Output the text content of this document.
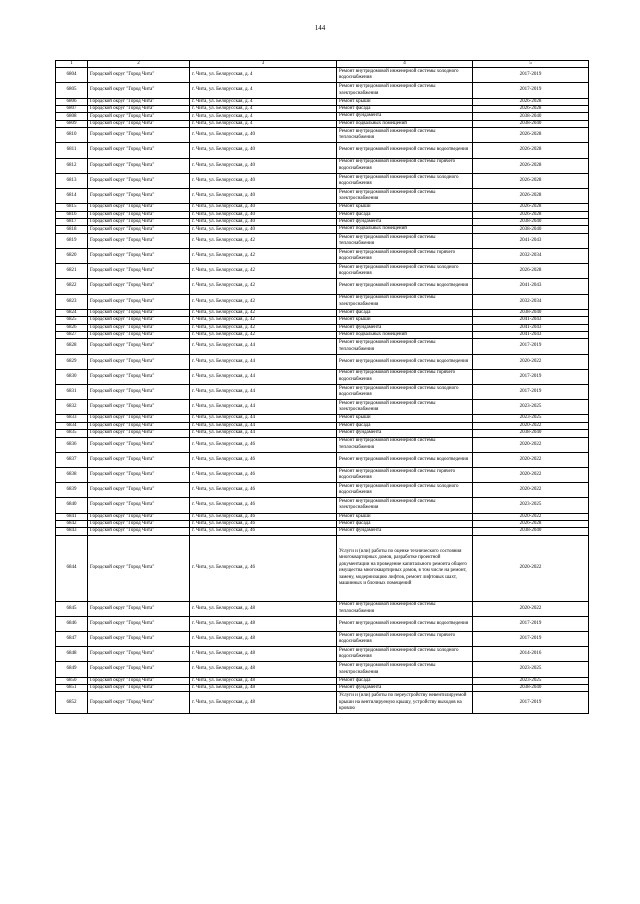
144
1	2	3	4	5
6804	Городской округ "Город Чита"	г. Чита, ул. Белорусская, д. 4	Ремонт внутридомовой инженерной системы холодного водоснабжения	2017-2019
6805	Городской округ "Город Чита"	г. Чита, ул. Белорусская, д. 4	Ремонт внутридомовой инженерной системы электроснабжения	2017-2019
6806	Городской округ "Город Чита"	г. Чита, ул. Белорусская, д. 4	Ремонт крыши	2026-2028
6807	Городской округ "Город Чита"	г. Чита, ул. Белорусская, д. 4	Ремонт фасада	2026-2028
6808	Городской округ "Город Чита"	г. Чита, ул. Белорусская, д. 4	Ремонт фундамента	2038-2040
6809	Городской округ "Город Чита"	г. Чита, ул. Белорусская, д. 4	Ремонт подвальных помещений	2038-2040
6810	Городской округ "Город Чита"	г. Чита, ул. Белорусская, д. 40	Ремонт внутридомовой инженерной системы теплоснабжения	2026-2028
6811	Городской округ "Город Чита"	г. Чита, ул. Белорусская, д. 40	Ремонт внутридомовой инженерной системы водоотведения	2026-2028
6812	Городской округ "Город Чита"	г. Чита, ул. Белорусская, д. 40	Ремонт внутридомовой инженерной системы горячего водоснабжения	2026-2028
6813	Городской округ "Город Чита"	г. Чита, ул. Белорусская, д. 40	Ремонт внутридомовой инженерной системы холодного водоснабжения	2026-2028
6814	Городской округ "Город Чита"	г. Чита, ул. Белорусская, д. 40	Ремонт внутридомовой инженерной системы электроснабжения	2026-2028
6815	Городской округ "Город Чита"	г. Чита, ул. Белорусская, д. 40	Ремонт крыши	2026-2028
6816	Городской округ "Город Чита"	г. Чита, ул. Белорусская, д. 40	Ремонт фасада	2026-2028
6817	Городской округ "Город Чита"	г. Чита, ул. Белорусская, д. 40	Ремонт фундамента	2038-2040
6818	Городской округ "Город Чита"	г. Чита, ул. Белорусская, д. 40	Ремонт подвальных помещений	2038-2040
6819	Городской округ "Город Чита"	г. Чита, ул. Белорусская, д. 42	Ремонт внутридомовой инженерной системы теплоснабжения	2041-2043
6820	Городской округ "Город Чита"	г. Чита, ул. Белорусская, д. 42	Ремонт внутридомовой инженерной системы горячего водоснабжения	2032-2034
6821	Городской округ "Город Чита"	г. Чита, ул. Белорусская, д. 42	Ремонт внутридомовой инженерной системы холодного водоснабжения	2026-2028
6822	Городской округ "Город Чита"	г. Чита, ул. Белорусская, д. 42	Ремонт внутридомовой инженерной системы водоотведения	2041-2043
6823	Городской округ "Город Чита"	г. Чита, ул. Белорусская, д. 42	Ремонт внутридомовой инженерной системы электроснабжения	2032-2034
6824	Городской округ "Город Чита"	г. Чита, ул. Белорусская, д. 42	Ремонт фасада	2038-2040
6825	Городской округ "Город Чита"	г. Чита, ул. Белорусская, д. 42	Ремонт крыши	2041-2043
6826	Городской округ "Город Чита"	г. Чита, ул. Белорусская, д. 42	Ремонт фундамента	2041-2043
6827	Городской округ "Город Чита"	г. Чита, ул. Белорусская, д. 42	Ремонт подвальных помещений	2041-2043
6828	Городской округ "Город Чита"	г. Чита, ул. Белорусская, д. 44	Ремонт внутридомовой инженерной системы теплоснабжения	2017-2019
6829	Городской округ "Город Чита"	г. Чита, ул. Белорусская, д. 44	Ремонт внутридомовой инженерной системы водоотведения	2020-2022
6830	Городской округ "Город Чита"	г. Чита, ул. Белорусская, д. 44	Ремонт внутридомовой инженерной системы горячего водоснабжения	2017-2019
6831	Городской округ "Город Чита"	г. Чита, ул. Белорусская, д. 44	Ремонт внутридомовой инженерной системы холодного водоснабжения	2017-2019
6832	Городской округ "Город Чита"	г. Чита, ул. Белорусская, д. 44	Ремонт внутридомовой инженерной системы электроснабжения	2023-2025
6833	Городской округ "Город Чита"	г. Чита, ул. Белорусская, д. 44	Ремонт крыши	2023-2025
6834	Городской округ "Город Чита"	г. Чита, ул. Белорусская, д. 44	Ремонт фасада	2020-2022
6835	Городской округ "Город Чита"	г. Чита, ул. Белорусская, д. 44	Ремонт фундамента	2038-2040
6836	Городской округ "Город Чита"	г. Чита, ул. Белорусская, д. 46	Ремонт внутридомовой инженерной системы теплоснабжения	2020-2022
6837	Городской округ "Город Чита"	г. Чита, ул. Белорусская, д. 46	Ремонт внутридомовой инженерной системы водоотведения	2020-2022
6838	Городской округ "Город Чита"	г. Чита, ул. Белорусская, д. 46	Ремонт внутридомовой инженерной системы горячего водоснабжения	2020-2022
6839	Городской округ "Город Чита"	г. Чита, ул. Белорусская, д. 46	Ремонт внутридомовой инженерной системы холодного водоснабжения	2020-2022
6840	Городской округ "Город Чита"	г. Чита, ул. Белорусская, д. 46	Ремонт внутридомовой инженерной системы электроснабжения	2023-2025
6841	Городской округ "Город Чита"	г. Чита, ул. Белорусская, д. 46	Ремонт крыши	2020-2022
6842	Городской округ "Город Чита"	г. Чита, ул. Белорусская, д. 46	Ремонт фасада	2026-2028
6843	Городской округ "Город Чита"	г. Чита, ул. Белорусская, д. 46	Ремонт фундамента	2038-2040
6844	Городской округ "Город Чита"	г. Чита, ул. Белорусская, д. 46	Услуги и (или) работы по оценке технического состояния многоквартирных домов, разработке проектной документации на проведение капитального ремонта общего имущества многоквартирных домов, в том числе на ремонт, замену, модернизацию лифтов, ремонт лифтовых шахт, машинных и блочных помещений	2020-2022
6845	Городской округ "Город Чита"	г. Чита, ул. Белорусская, д. 48	Ремонт внутридомовой инженерной системы теплоснабжения	2020-2022
6846	Городской округ "Город Чита"	г. Чита, ул. Белорусская, д. 48	Ремонт внутридомовой инженерной системы водоотведения	2017-2019
6847	Городской округ "Город Чита"	г. Чита, ул. Белорусская, д. 48	Ремонт внутридомовой инженерной системы горячего водоснабжения	2017-2019
6848	Городской округ "Город Чита"	г. Чита, ул. Белорусская, д. 48	Ремонт внутридомовой инженерной системы холодного водоснабжения	2014-2016
6849	Городской округ "Город Чита"	г. Чита, ул. Белорусская, д. 48	Ремонт внутридомовой инженерной системы электроснабжения	2023-2025
6850	Городской округ "Город Чита"	г. Чита, ул. Белорусская, д. 48	Ремонт фасада	2023-2025
6851	Городской округ "Город Чита"	г. Чита, ул. Белорусская, д. 48	Ремонт фундамента	2038-2040
6852	Городской округ "Город Чита"	г. Чита, ул. Белорусская, д. 48	Услуги и (или) работы по переустройству невентилируемой крыши на вентилируемую крышу, устройству выходов на кровлю	2017-2019
